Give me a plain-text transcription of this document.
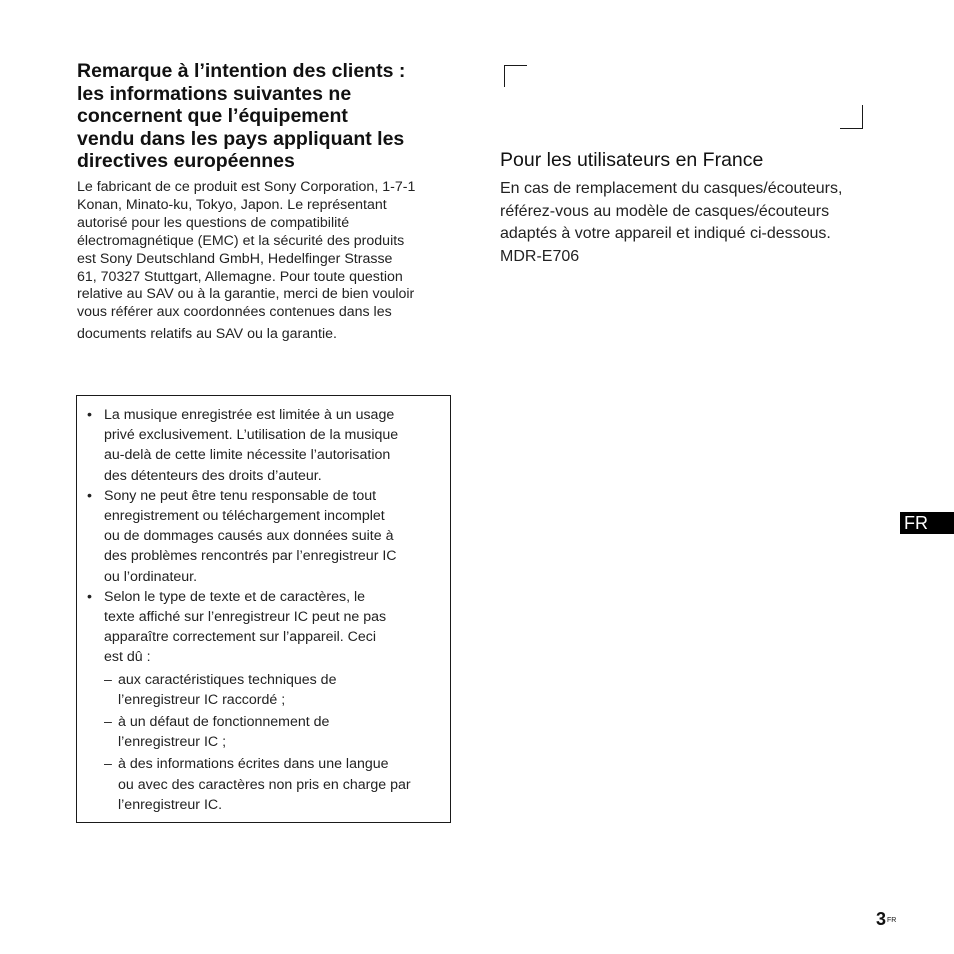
Remarque à l’intention des clients :
les informations suivantes ne
concernent que l’équipement
vendu dans les pays appliquant les
directives européennes
Le fabricant de ce produit est Sony Corporation, 1-7-1
Konan, Minato-ku, Tokyo, Japon. Le représentant
autorisé pour les questions de compatibilité
électromagnétique (EMC) et la sécurité des produits
est Sony Deutschland GmbH, Hedelfinger Strasse
61, 70327 Stuttgart, Allemagne. Pour toute question
relative au SAV ou à la garantie, merci de bien vouloir
vous référer aux coordonnées contenues dans les
documents relatifs au SAV ou la garantie.
• La musique enregistrée est limitée à un usage
privé exclusivement. L’utilisation de la musique
au-delà de cette limite nécessite l’autorisation
des détenteurs des droits d’auteur.
• Sony ne peut être tenu responsable de tout
enregistrement ou téléchargement incomplet
ou de dommages causés aux données suite à
des problèmes rencontrés par l’enregistreur IC
ou l’ordinateur.
• Selon le type de texte et de caractères, le
texte affiché sur l’enregistreur IC peut ne pas
apparaître correctement sur l’appareil. Ceci
est dû :
– aux caractéristiques techniques de
l’enregistreur IC raccordé ;
– à un défaut de fonctionnement de
l’enregistreur IC ;
– à des informations écrites dans une langue
ou avec des caractères non pris en charge par
l’enregistreur IC.
Pour les utilisateurs en France
En cas de remplacement du casques/écouteurs,
référez-vous au modèle de casques/écouteurs
adaptés à votre appareil et indiqué ci-dessous.
MDR-E706
FR
$3^{FR}$
